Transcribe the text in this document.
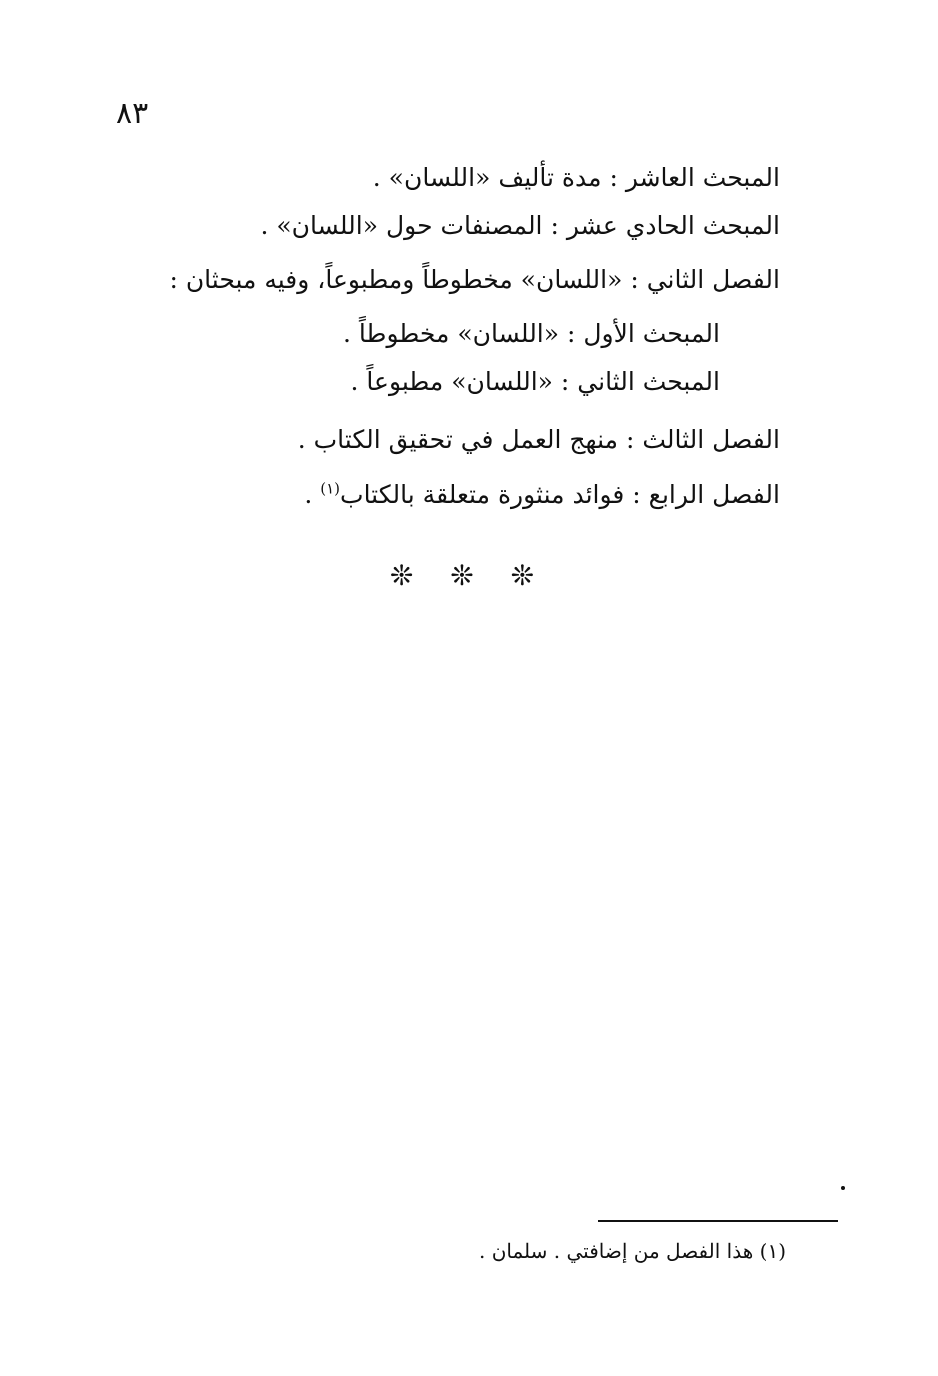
٨٣
المبحث العاشر : مدة تأليف «اللسان» .
المبحث الحادي عشر : المصنفات حول «اللسان» .
الفصل الثاني : «اللسان» مخطوطاً ومطبوعاً، وفيه مبحثان :
المبحث الأول : «اللسان» مخطوطاً .
المبحث الثاني : «اللسان» مطبوعاً .
الفصل الثالث : منهج العمل في تحقيق الكتاب .
الفصل الرابع : فوائد منثورة متعلقة بالكتاب$^{(١)}$ .
❊ ❊ ❊
(١) هذا الفصل من إضافتي . سلمان .
